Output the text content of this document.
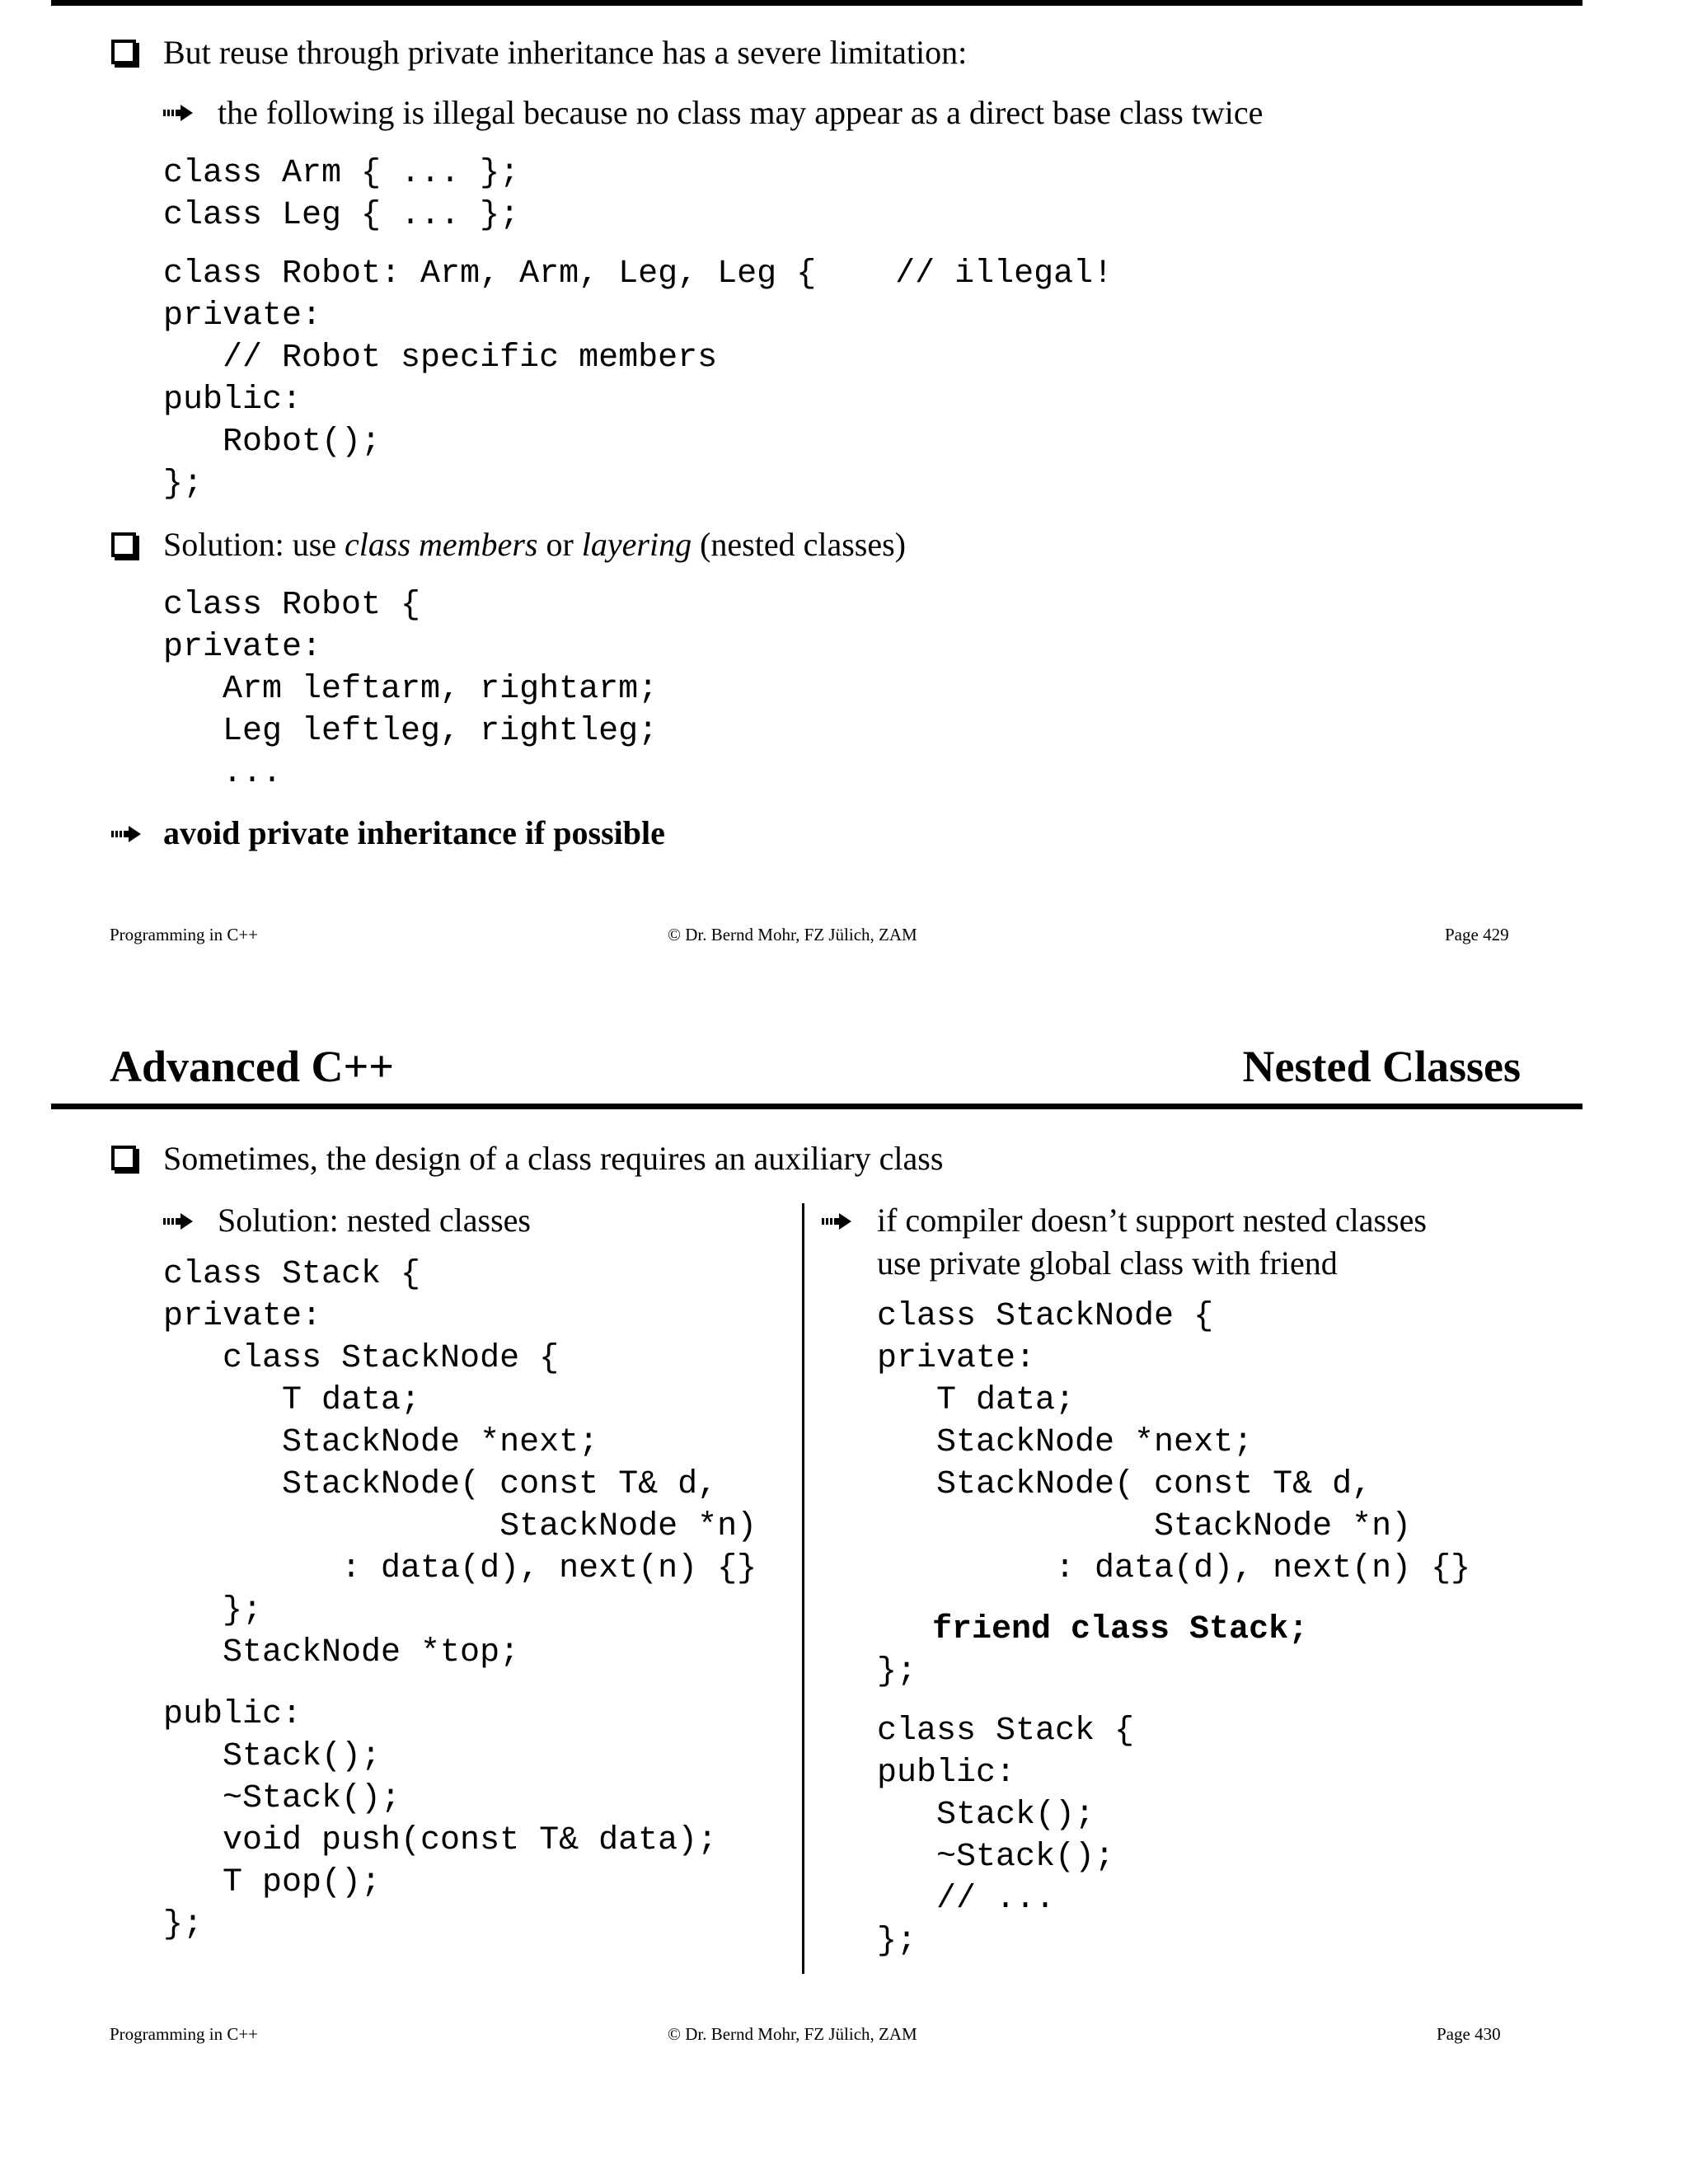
But reuse through private inheritance has a severe limitation:
the following is illegal because no class may appear as a direct base class twice
class Arm { ... };
class Leg { ... };
class Robot: Arm, Arm, Leg, Leg {    // illegal!
private:
// Robot specific members
public:
Robot();
};
Solution: use class members or layering (nested classes)
class Robot {
private:
Arm leftarm, rightarm;
Leg leftleg, rightleg;
...
avoid private inheritance if possible
Programming in C++	© Dr. Bernd Mohr, FZ Jülich, ZAM	Page 429
Advanced C++	Nested Classes
Sometimes, the design of a class requires an auxiliary class
Solution: nested classes
class Stack {
private:
class StackNode {
T data;
StackNode *next;
StackNode( const T& d,
StackNode *n)
: data(d), next(n) {}
};
StackNode *top;
public:
Stack();
~Stack();
void push(const T& data);
T pop();
};
if compiler doesn’t support nested classes
use private global class with friend
class StackNode {
private:
T data;
StackNode *next;
StackNode( const T& d,
StackNode *n)
: data(d), next(n) {}
friend class Stack;
};
class Stack {
public:
Stack();
~Stack();
// ...
};
Programming in C++	© Dr. Bernd Mohr, FZ Jülich, ZAM	Page 430
